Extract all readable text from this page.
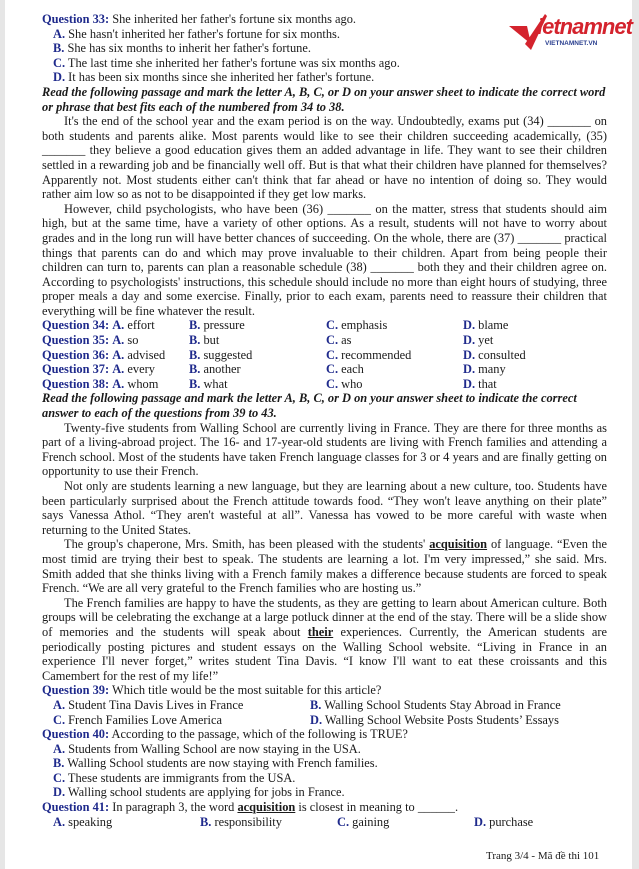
ietnamnet
VIETNAMNET.VN
Question 33: She inherited her father's fortune six months ago.
A. She hasn't inherited her father's fortune for six months.
B. She has six months to inherit her father's fortune.
C. The last time she inherited her father's fortune was six months ago.
D. It has been six months since she inherited her father's fortune.
Read the following passage and mark the letter A, B, C, or D on your answer sheet to indicate the correct word or phrase that best fits each of the numbered from 34 to 38.
It's the end of the school year and the exam period is on the way. Undoubtedly, exams put (34) _______ on both students and parents alike. Most parents would like to see their children succeeding academically, (35) _______ they believe a good education gives them an added advantage in life. They want to see their children settled in a rewarding job and be financially well off. But is that what their children have planned for themselves? Apparently not. Most students either can't think that far ahead or have no intention of doing so. They would rather aim low so as not to be disappointed if they get low marks.
However, child psychologists, who have been (36) _______ on the matter, stress that students should aim high, but at the same time, have a variety of other options. As a result, students will not have to worry about grades and in the long run will have better chances of succeeding. On the whole, there are (37) _______ practical things that parents can do and which may prove invaluable to their children. Apart from being people their children can turn to, parents can plan a reasonable schedule (38) _______ both they and their children agree on. According to psychologists' instructions, this schedule should include no more than eight hours of studying, three proper meals a day and some exercise. Finally, prior to each exam, parents need to reassure their children that everything will be fine whatever the result.
Question 34: A. effort	B. pressure	C. emphasis	D. blame
Question 35: A. so	B. but	C. as	D. yet
Question 36: A. advised	B. suggested	C. recommended	D. consulted
Question 37: A. every	B. another	C. each	D. many
Question 38: A. whom	B. what	C. who	D. that
Read the following passage and mark the letter A, B, C, or D on your answer sheet to indicate the correct answer to each of the questions from 39 to 43.
Twenty-five students from Walling School are currently living in France. They are there for three months as part of a living-abroad project. The 16- and 17-year-old students are living with French families and attending a French school. Most of the students have taken French language classes for 3 or 4 years and are finally getting on opportunity to use their French.
Not only are students learning a new language, but they are learning about a new culture, too. Students have been particularly surprised about the French attitude towards food. “They won't leave anything on their plate” says Vanessa Athol. “They aren't wasteful at all”. Vanessa has vowed to be more careful with waste when returning to the United States.
The group's chaperone, Mrs. Smith, has been pleased with the students' acquisition of language. “Even the most timid are trying their best to speak. The students are learning a lot. I'm very impressed,” she said. Mrs. Smith added that she thinks living with a French family makes a difference because students are forced to speak French. “We are all very grateful to the French families who are hosting us.”
The French families are happy to have the students, as they are getting to learn about American culture. Both groups will be celebrating the exchange at a large potluck dinner at the end of the stay. There will be a slide show of memories and the students will speak about their experiences. Currently, the American students are periodically posting pictures and student essays on the Walling School website. “Living in France in an experience I'll never forget,” writes student Tina Davis. “I know I'll want to eat these croissants and this Camembert for the rest of my life!”
Question 39: Which title would be the most suitable for this article?
A. Student Tina Davis Lives in France	B. Walling School Students Stay Abroad in France
C. French Families Love America	D. Walling School Website Posts Students’ Essays
Question 40: According to the passage, which of the following is TRUE?
A. Students from Walling School are now staying in the USA.
B. Walling School students are now staying with French families.
C. These students are immigrants from the USA.
D. Walling school students are applying for jobs in France.
Question 41: In paragraph 3, the word acquisition is closest in meaning to ______.
A. speaking	B. responsibility	C. gaining	D. purchase
Trang 3/4 - Mã đề thi 101
